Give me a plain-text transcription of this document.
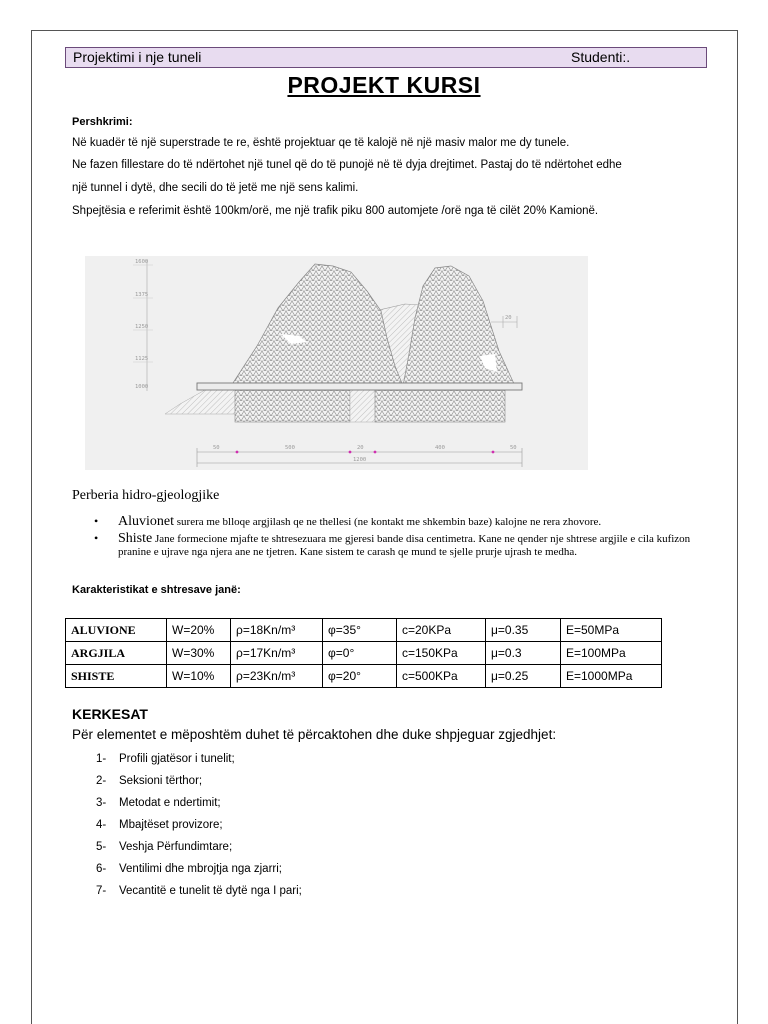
Projektimi i nje tuneli	Studenti:.
PROJEKT KURSI
Pershkrimi:
Në kuadër të një superstrade te re, është projektuar qe të kalojë në një masiv malor me dy tunele.
Ne fazen fillestare do të ndërtohet një tunel që do të punojë në të dyja drejtimet. Pastaj do të ndërtohet edhe
një tunnel i dytë, dhe secili do të jetë me një sens kalimi.
Shpejtësia e referimit është 100km/orë, me një trafik piku 800 automjete /orë nga të cilët 20% Kamionë.
1600
1375
1250
1125
1000
20
50	500	20	400	50
1200
Perberia hidro-gjeologjike
• Aluvionet surera me blloqe argjilash qe ne thellesi (ne kontakt me shkembin baze) kalojne ne rera zhovore.
• Shiste Jane formecione mjafte te shtresezuara me gjeresi bande disa centimetra. Kane ne qender nje shtrese argjile e cila kufizon pranine e ujrave nga njera ane ne tjetren. Kane sistem te carash qe mund te sjelle prurje ujrash te medha.
Karakteristikat e shtresave janë:
ALUVIONE	W=20%	ρ=18Kn/m³	φ=35°	c=20KPa	μ=0.35	E=50MPa
ARGJILA	W=30%	ρ=17Kn/m³	φ=0°	c=150KPa	μ=0.3	E=100MPa
SHISTE	W=10%	ρ=23Kn/m³	φ=20°	c=500KPa	μ=0.25	E=1000MPa
KERKESAT
Për elementet e mëposhtëm duhet të përcaktohen dhe duke shpjeguar zgjedhjet:
1- Profili gjatësor i tunelit;
2- Seksioni tërthor;
3- Metodat e ndertimit;
4- Mbajtëset provizore;
5- Veshja Përfundimtare;
6- Ventilimi dhe mbrojtja nga zjarri;
7- Vecantitë e tunelit të dytë nga I pari;
